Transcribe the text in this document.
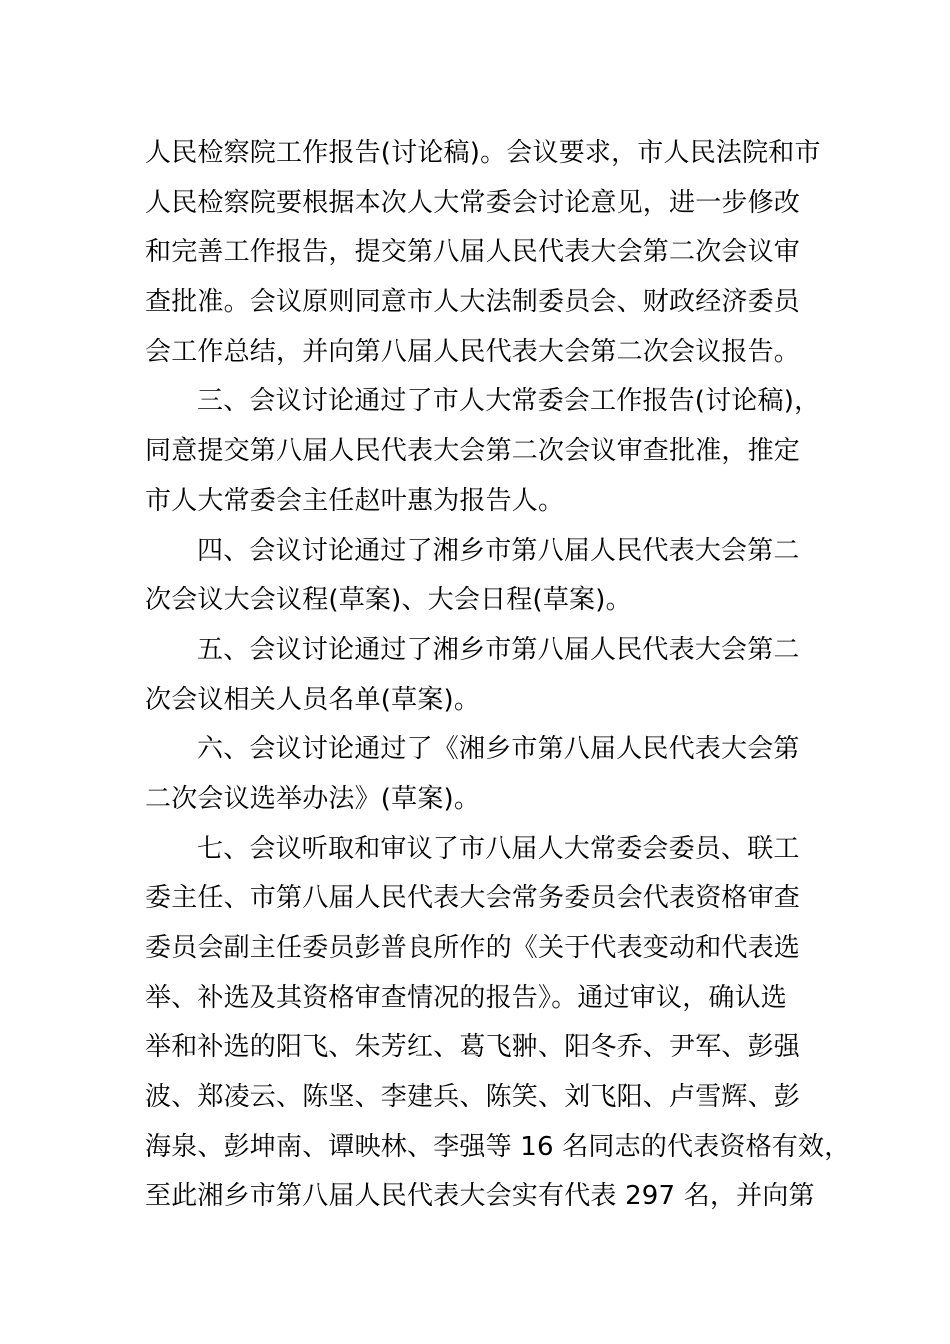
人民检察院工作报告(讨论稿)。会议要求，市人民法院和市
人民检察院要根据本次人大常委会讨论意见，进一步修改
和完善工作报告，提交第八届人民代表大会第二次会议审
查批准。会议原则同意市人大法制委员会、财政经济委员
会工作总结，并向第八届人民代表大会第二次会议报告。
三、会议讨论通过了市人大常委会工作报告(讨论稿)，
同意提交第八届人民代表大会第二次会议审查批准，推定
市人大常委会主任赵叶惠为报告人。
四、会议讨论通过了湘乡市第八届人民代表大会第二
次会议大会议程(草案)、大会日程(草案)。
五、会议讨论通过了湘乡市第八届人民代表大会第二
次会议相关人员名单(草案)。
六、会议讨论通过了《湘乡市第八届人民代表大会第
二次会议选举办法》(草案)。
七、会议听取和审议了市八届人大常委会委员、联工
委主任、市第八届人民代表大会常务委员会代表资格审查
委员会副主任委员彭普良所作的《关于代表变动和代表选
举、补选及其资格审查情况的报告》。通过审议，确认选
举和补选的阳飞、朱芳红、葛飞翀、阳冬乔、尹军、彭强
波、郑凌云、陈坚、李建兵、陈笑、刘飞阳、卢雪辉、彭
海泉、彭坤南、谭映林、李强等 16 名同志的代表资格有效，
至此湘乡市第八届人民代表大会实有代表 297 名，并向第
